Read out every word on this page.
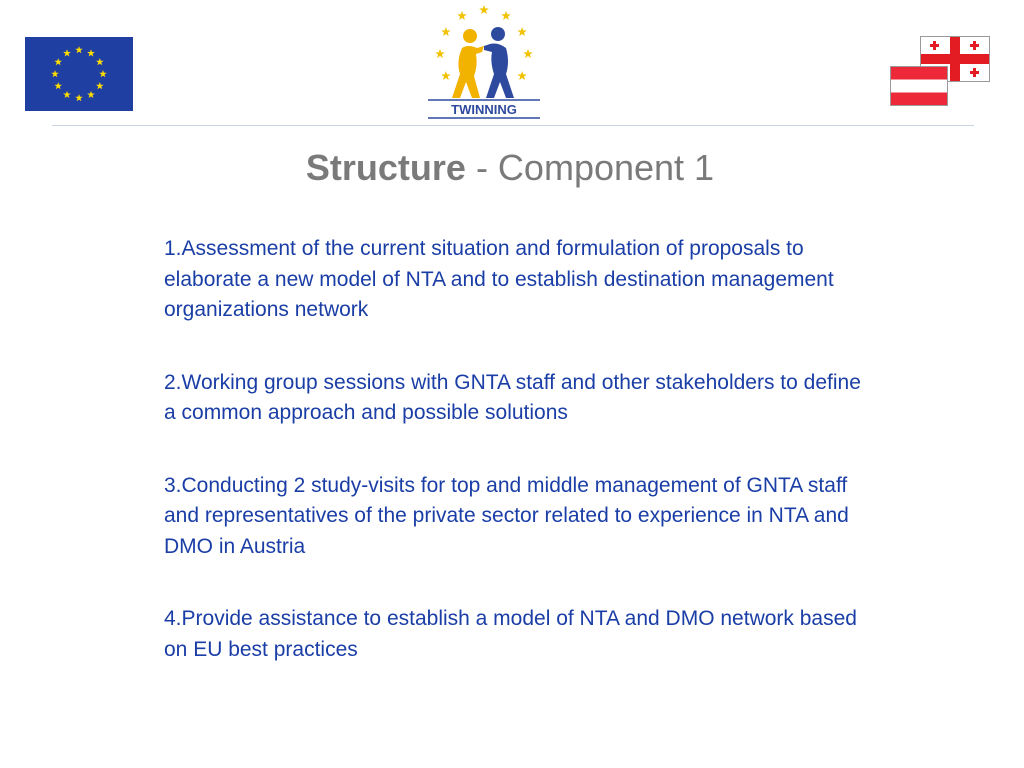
TWINNING
Structure - Component 1

1.Assessment of the current situation and formulation of proposals to elaborate a new model of NTA and to establish destination management organizations network

2.Working group sessions with GNTA staff and other stakeholders to define a common approach and possible solutions

3.Conducting 2 study-visits for top and middle management of GNTA staff and representatives of the private sector related to experience in NTA and DMO in Austria

4.Provide assistance to establish a model of NTA and DMO network based on EU best practices
